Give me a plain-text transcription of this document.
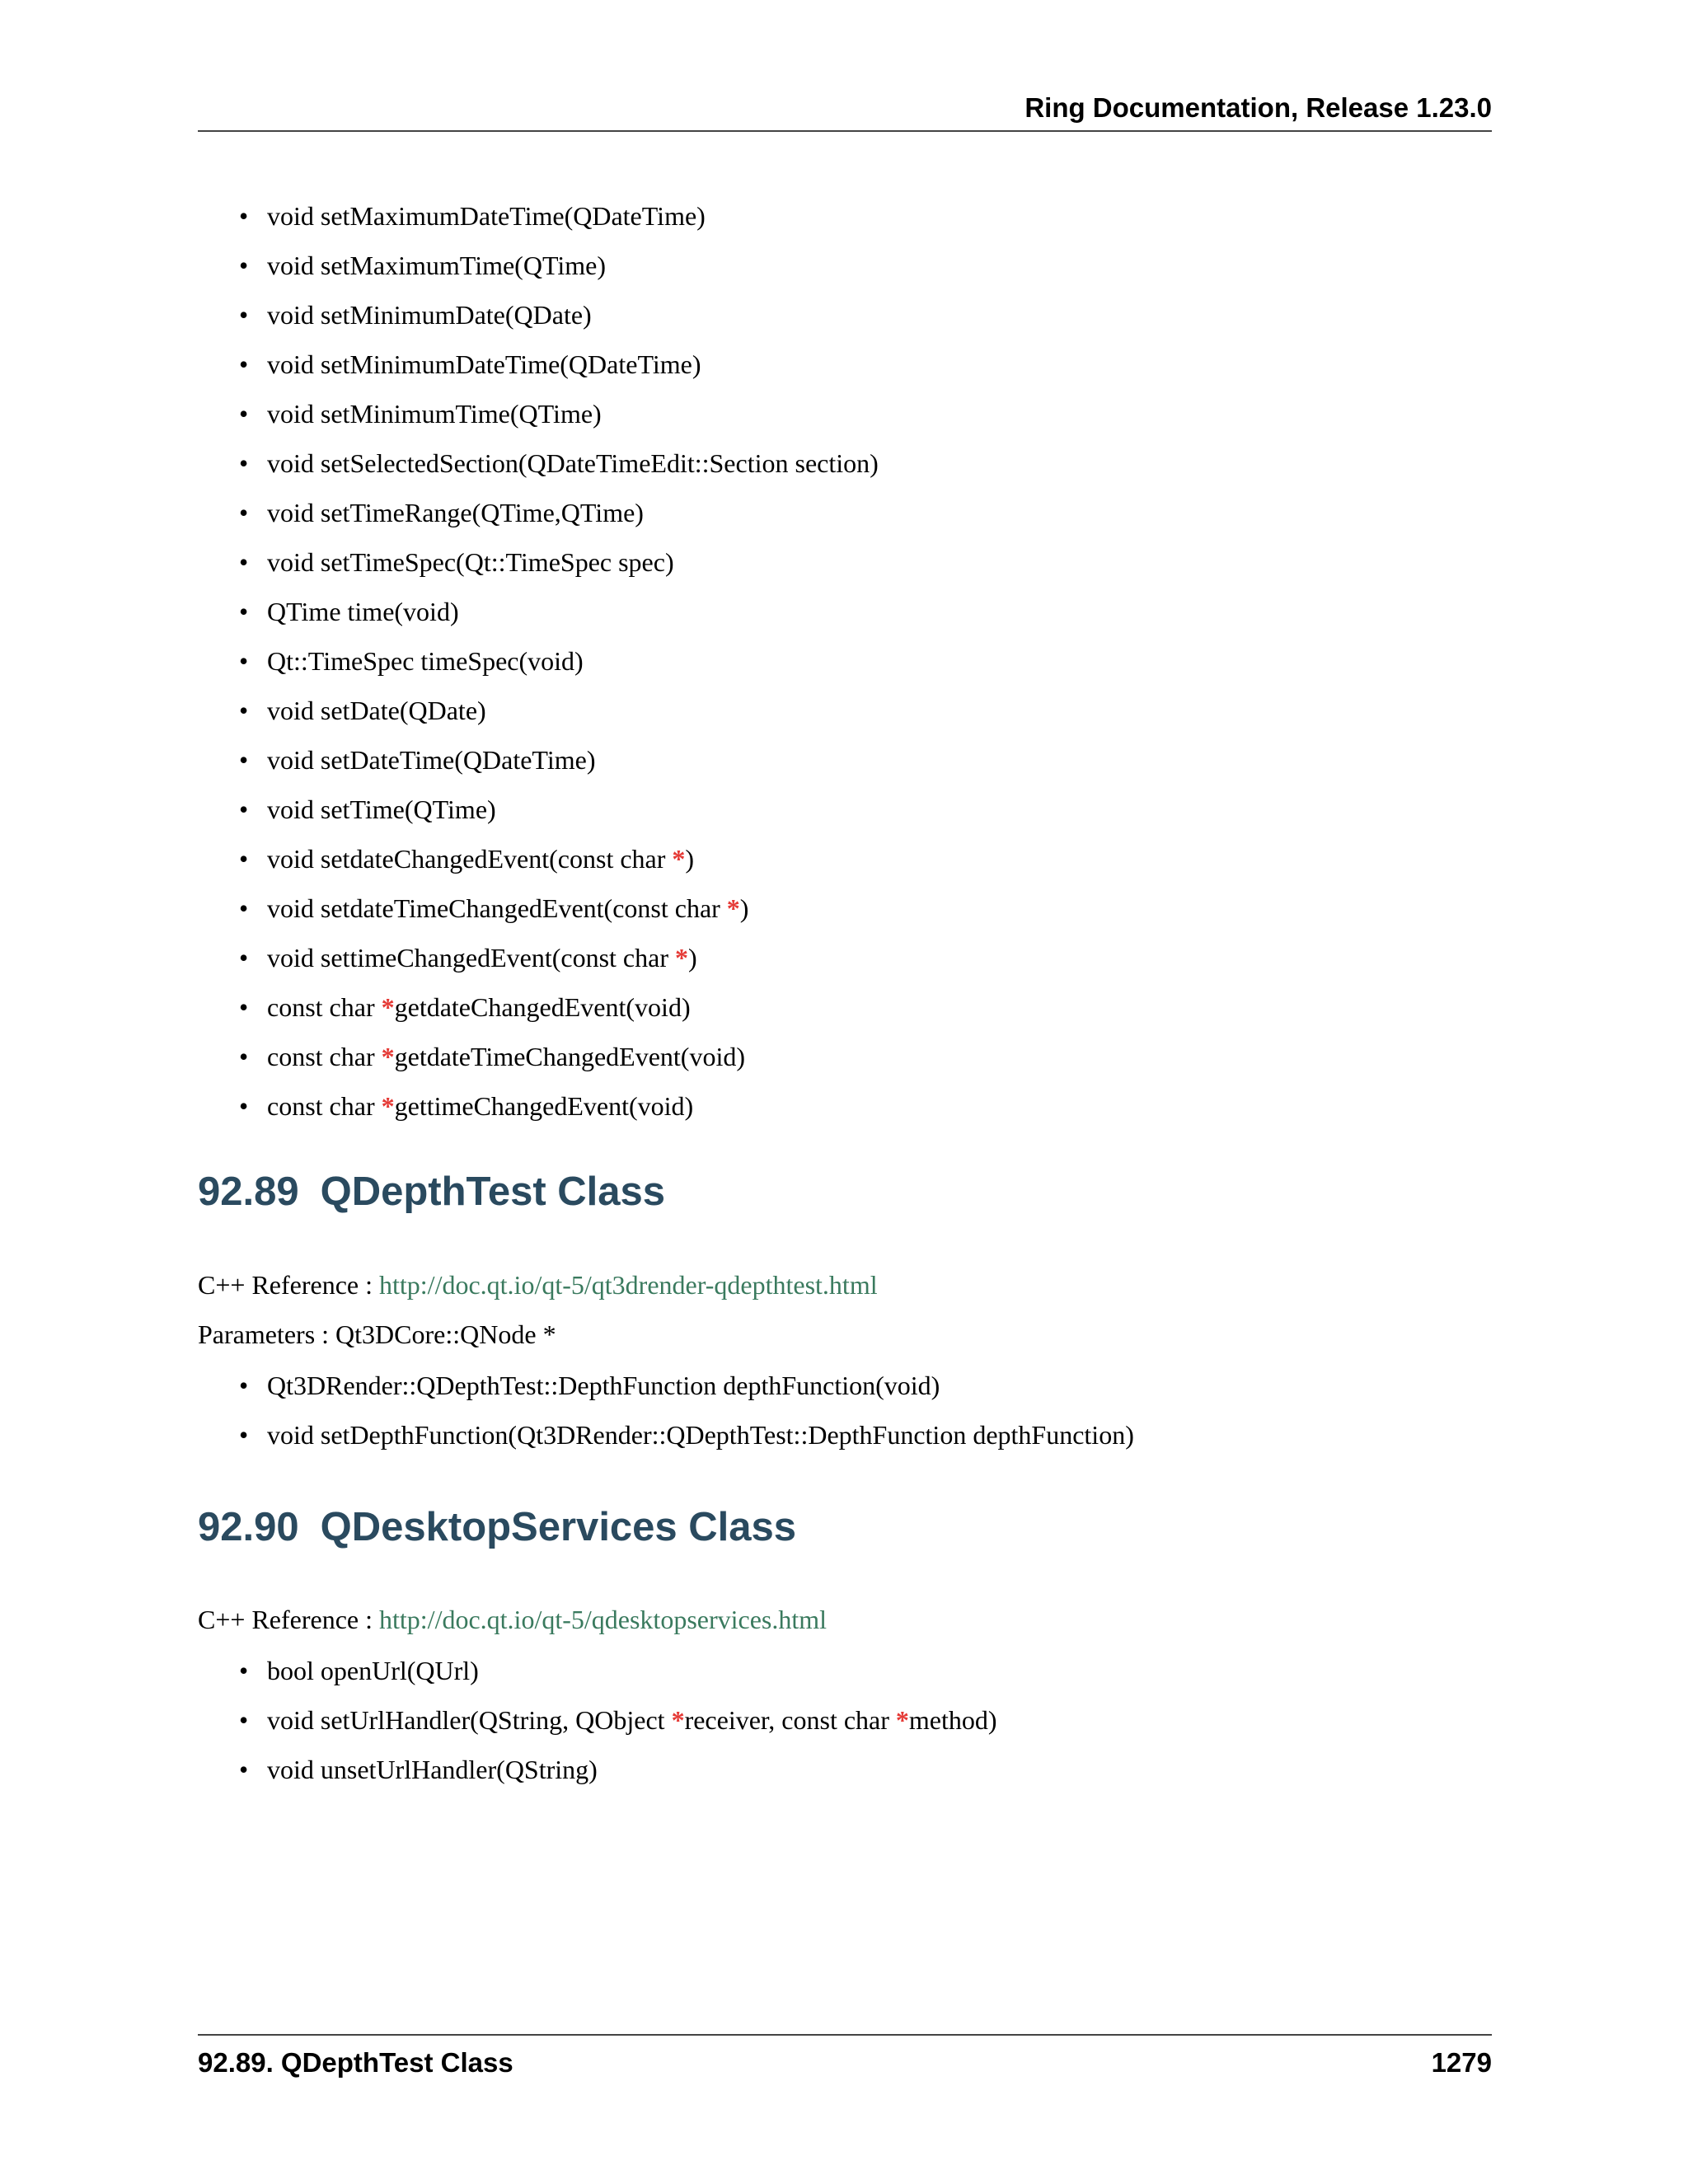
Ring Documentation, Release 1.23.0
• void setMaximumDateTime(QDateTime)
• void setMaximumTime(QTime)
• void setMinimumDate(QDate)
• void setMinimumDateTime(QDateTime)
• void setMinimumTime(QTime)
• void setSelectedSection(QDateTimeEdit::Section section)
• void setTimeRange(QTime,QTime)
• void setTimeSpec(Qt::TimeSpec spec)
• QTime time(void)
• Qt::TimeSpec timeSpec(void)
• void setDate(QDate)
• void setDateTime(QDateTime)
• void setTime(QTime)
• void setdateChangedEvent(const char *)
• void setdateTimeChangedEvent(const char *)
• void settimeChangedEvent(const char *)
• const char *getdateChangedEvent(void)
• const char *getdateTimeChangedEvent(void)
• const char *gettimeChangedEvent(void)
92.89 QDepthTest Class

C++ Reference : http://doc.qt.io/qt-5/qt3drender-qdepthtest.html

Parameters : Qt3DCore::QNode *

• Qt3DRender::QDepthTest::DepthFunction depthFunction(void)
• void setDepthFunction(Qt3DRender::QDepthTest::DepthFunction depthFunction)
92.90 QDesktopServices Class

C++ Reference : http://doc.qt.io/qt-5/qdesktopservices.html

• bool openUrl(QUrl)
• void setUrlHandler(QString, QObject *receiver, const char *method)
• void unsetUrlHandler(QString)
92.89. QDepthTest Class	1279
